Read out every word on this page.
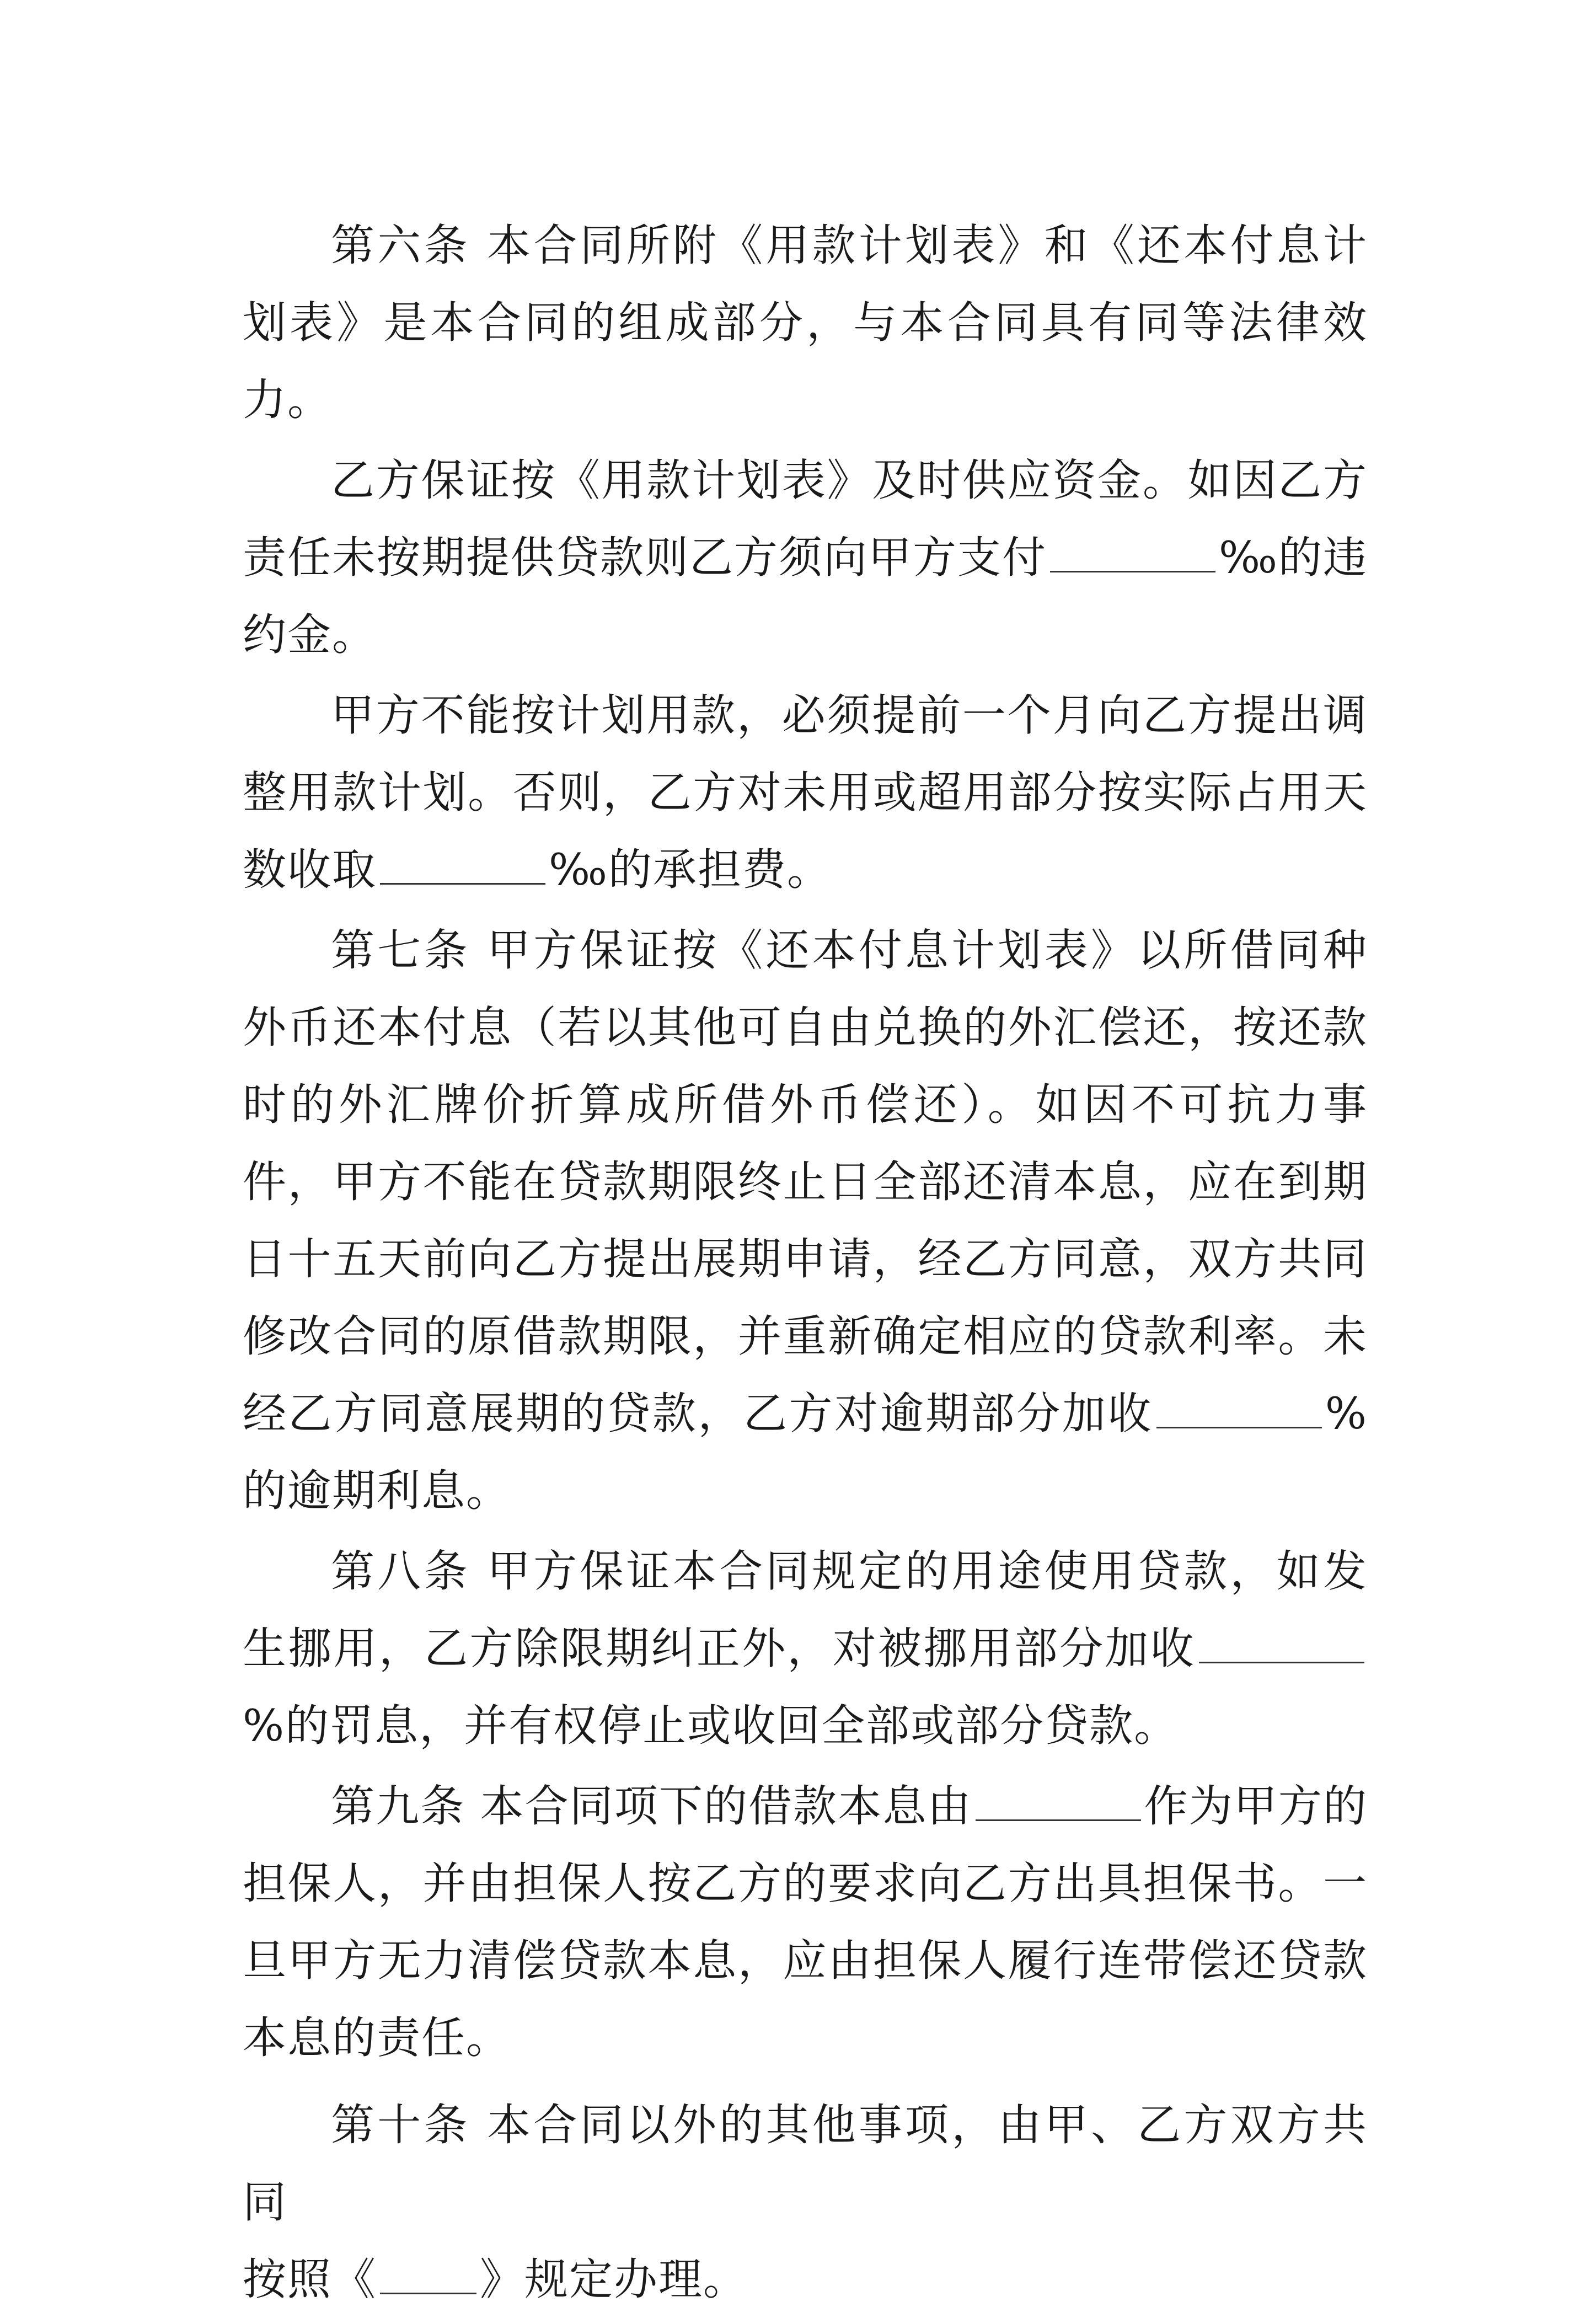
第六条 本合同所附《用款计划表》和《还本付息计划表》是本合同的组成部分，与本合同具有同等法律效力。

乙方保证按《用款计划表》及时供应资金。如因乙方责任未按期提供贷款则乙方须向甲方支付	‰的违约金。

甲方不能按计划用款，必须提前一个月向乙方提出调整用款计划。否则，乙方对未用或超用部分按实际占用天数收取	‰的承担费。

第七条 甲方保证按《还本付息计划表》以所借同种外币还本付息（若以其他可自由兑换的外汇偿还，按还款时的外汇牌价折算成所借外币偿还）。如因不可抗力事件，甲方不能在贷款期限终止日全部还清本息，应在到期日十五天前向乙方提出展期申请，经乙方同意，双方共同修改合同的原借款期限，并重新确定相应的贷款利率。未经乙方同意展期的贷款，乙方对逾期部分加收	%的逾期利息。

第八条 甲方保证本合同规定的用途使用贷款，如发生挪用，乙方除限期纠正外，对被挪用部分加收%的罚息，并有权停止或收回全部或部分贷款。

第九条 本合同项下的借款本息由	作为甲方的担保人，并由担保人按乙方的要求向乙方出具担保书。一旦甲方无力清偿贷款本息，应由担保人履行连带偿还贷款本息的责任。

第十条 本合同以外的其他事项，由甲、乙方双方共同

按照《 》规定办理。
